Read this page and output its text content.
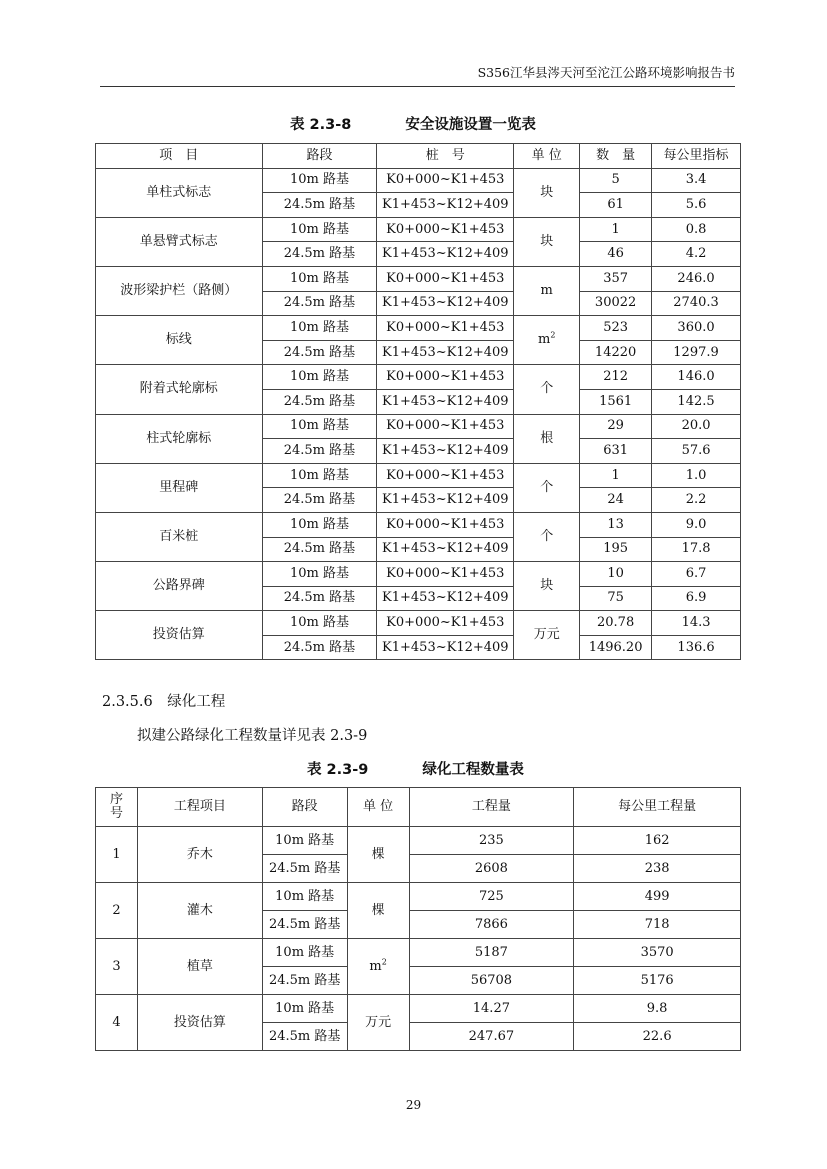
S356江华县涔天河至沱江公路环境影响报告书
表 2.3-8	安全设施设置一览表
项　目	路段	桩　号	单 位	数　量	每公里指标
单柱式标志	10m 路基	K0+000~K1+453	块	5	3.4
	24.5m 路基	K1+453~K12+409		61	5.6
单悬臂式标志	10m 路基	K0+000~K1+453	块	1	0.8
	24.5m 路基	K1+453~K12+409		46	4.2
波形梁护栏（路侧）	10m 路基	K0+000~K1+453	m	357	246.0
	24.5m 路基	K1+453~K12+409		30022	2740.3
标线	10m 路基	K0+000~K1+453	$m^2$	523	360.0
	24.5m 路基	K1+453~K12+409		14220	1297.9
附着式轮廓标	10m 路基	K0+000~K1+453	个	212	146.0
	24.5m 路基	K1+453~K12+409		1561	142.5
柱式轮廓标	10m 路基	K0+000~K1+453	根	29	20.0
	24.5m 路基	K1+453~K12+409		631	57.6
里程碑	10m 路基	K0+000~K1+453	个	1	1.0
	24.5m 路基	K1+453~K12+409		24	2.2
百米桩	10m 路基	K0+000~K1+453	个	13	9.0
	24.5m 路基	K1+453~K12+409		195	17.8
公路界碑	10m 路基	K0+000~K1+453	块	10	6.7
	24.5m 路基	K1+453~K12+409		75	6.9
投资估算	10m 路基	K0+000~K1+453	万元	20.78	14.3
	24.5m 路基	K1+453~K12+409		1496.20	136.6
2.3.5.6　绿化工程
拟建公路绿化工程数量详见表 2.3-9
表 2.3-9	绿化工程数量表
序号	工程项目	路段	单 位	工程量	每公里工程量
1	乔木	10m 路基	棵	235	162
		24.5m 路基		2608	238
2	灌木	10m 路基	棵	725	499
		24.5m 路基		7866	718
3	植草	10m 路基	$m^2$	5187	3570
		24.5m 路基		56708	5176
4	投资估算	10m 路基	万元	14.27	9.8
		24.5m 路基		247.67	22.6
29
